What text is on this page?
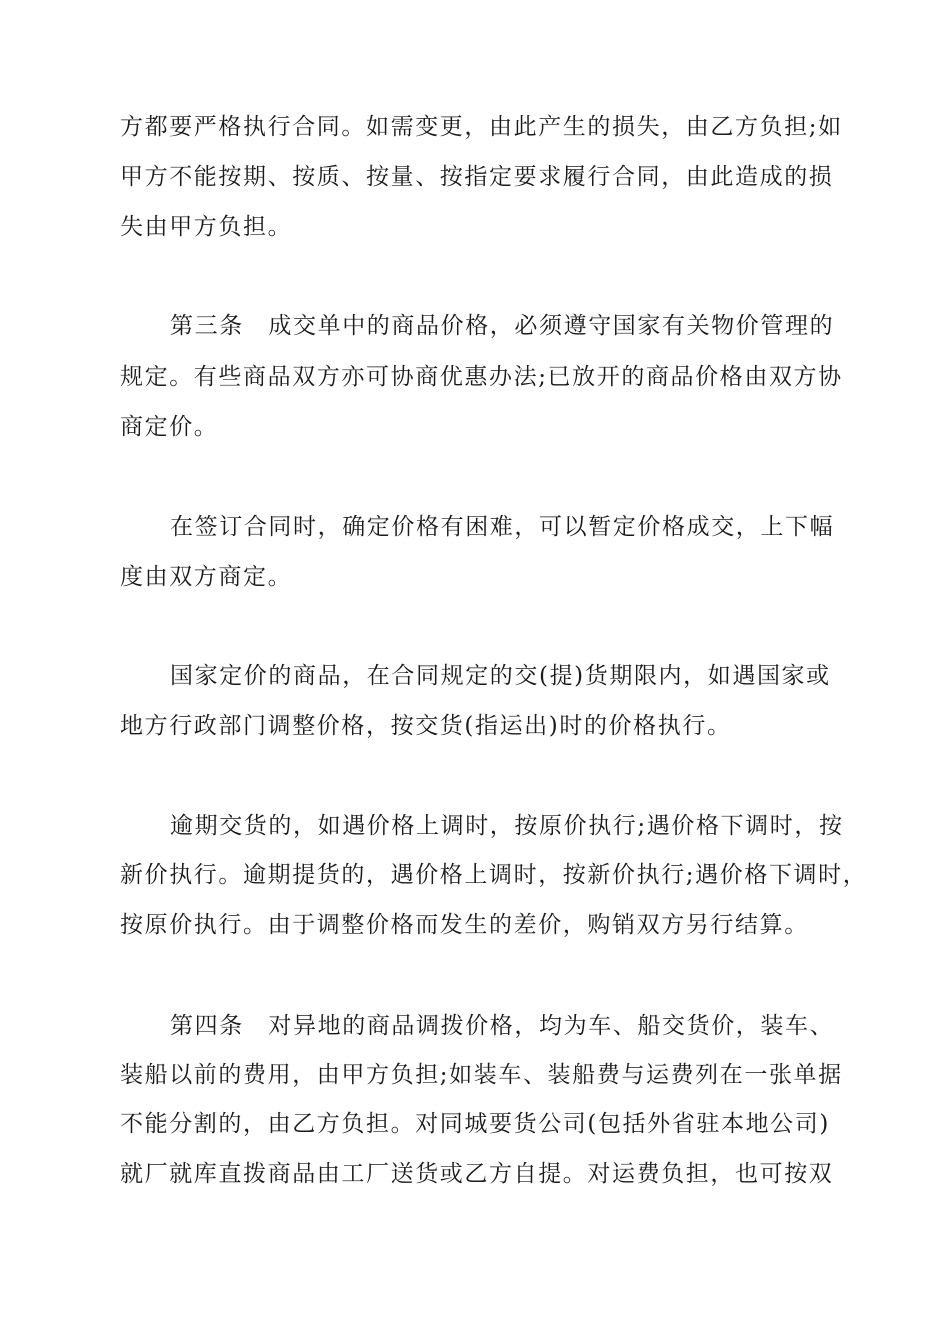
方都要严格执行合同。如需变更，由此产生的损失，由乙方负担;如
甲方不能按期、按质、按量、按指定要求履行合同，由此造成的损
失由甲方负担。
第三条　成交单中的商品价格，必须遵守国家有关物价管理的
规定。有些商品双方亦可协商优惠办法;已放开的商品价格由双方协
商定价。
在签订合同时，确定价格有困难，可以暂定价格成交，上下幅
度由双方商定。
国家定价的商品，在合同规定的交(提)货期限内，如遇国家或
地方行政部门调整价格，按交货(指运出)时的价格执行。
逾期交货的，如遇价格上调时，按原价执行;遇价格下调时，按
新价执行。逾期提货的，遇价格上调时，按新价执行;遇价格下调时，
按原价执行。由于调整价格而发生的差价，购销双方另行结算。
第四条　对异地的商品调拨价格，均为车、船交货价，装车、
装船以前的费用，由甲方负担;如装车、装船费与运费列在一张单据
不能分割的，由乙方负担。对同城要货公司(包括外省驻本地公司)
就厂就库直拨商品由工厂送货或乙方自提。对运费负担，也可按双
